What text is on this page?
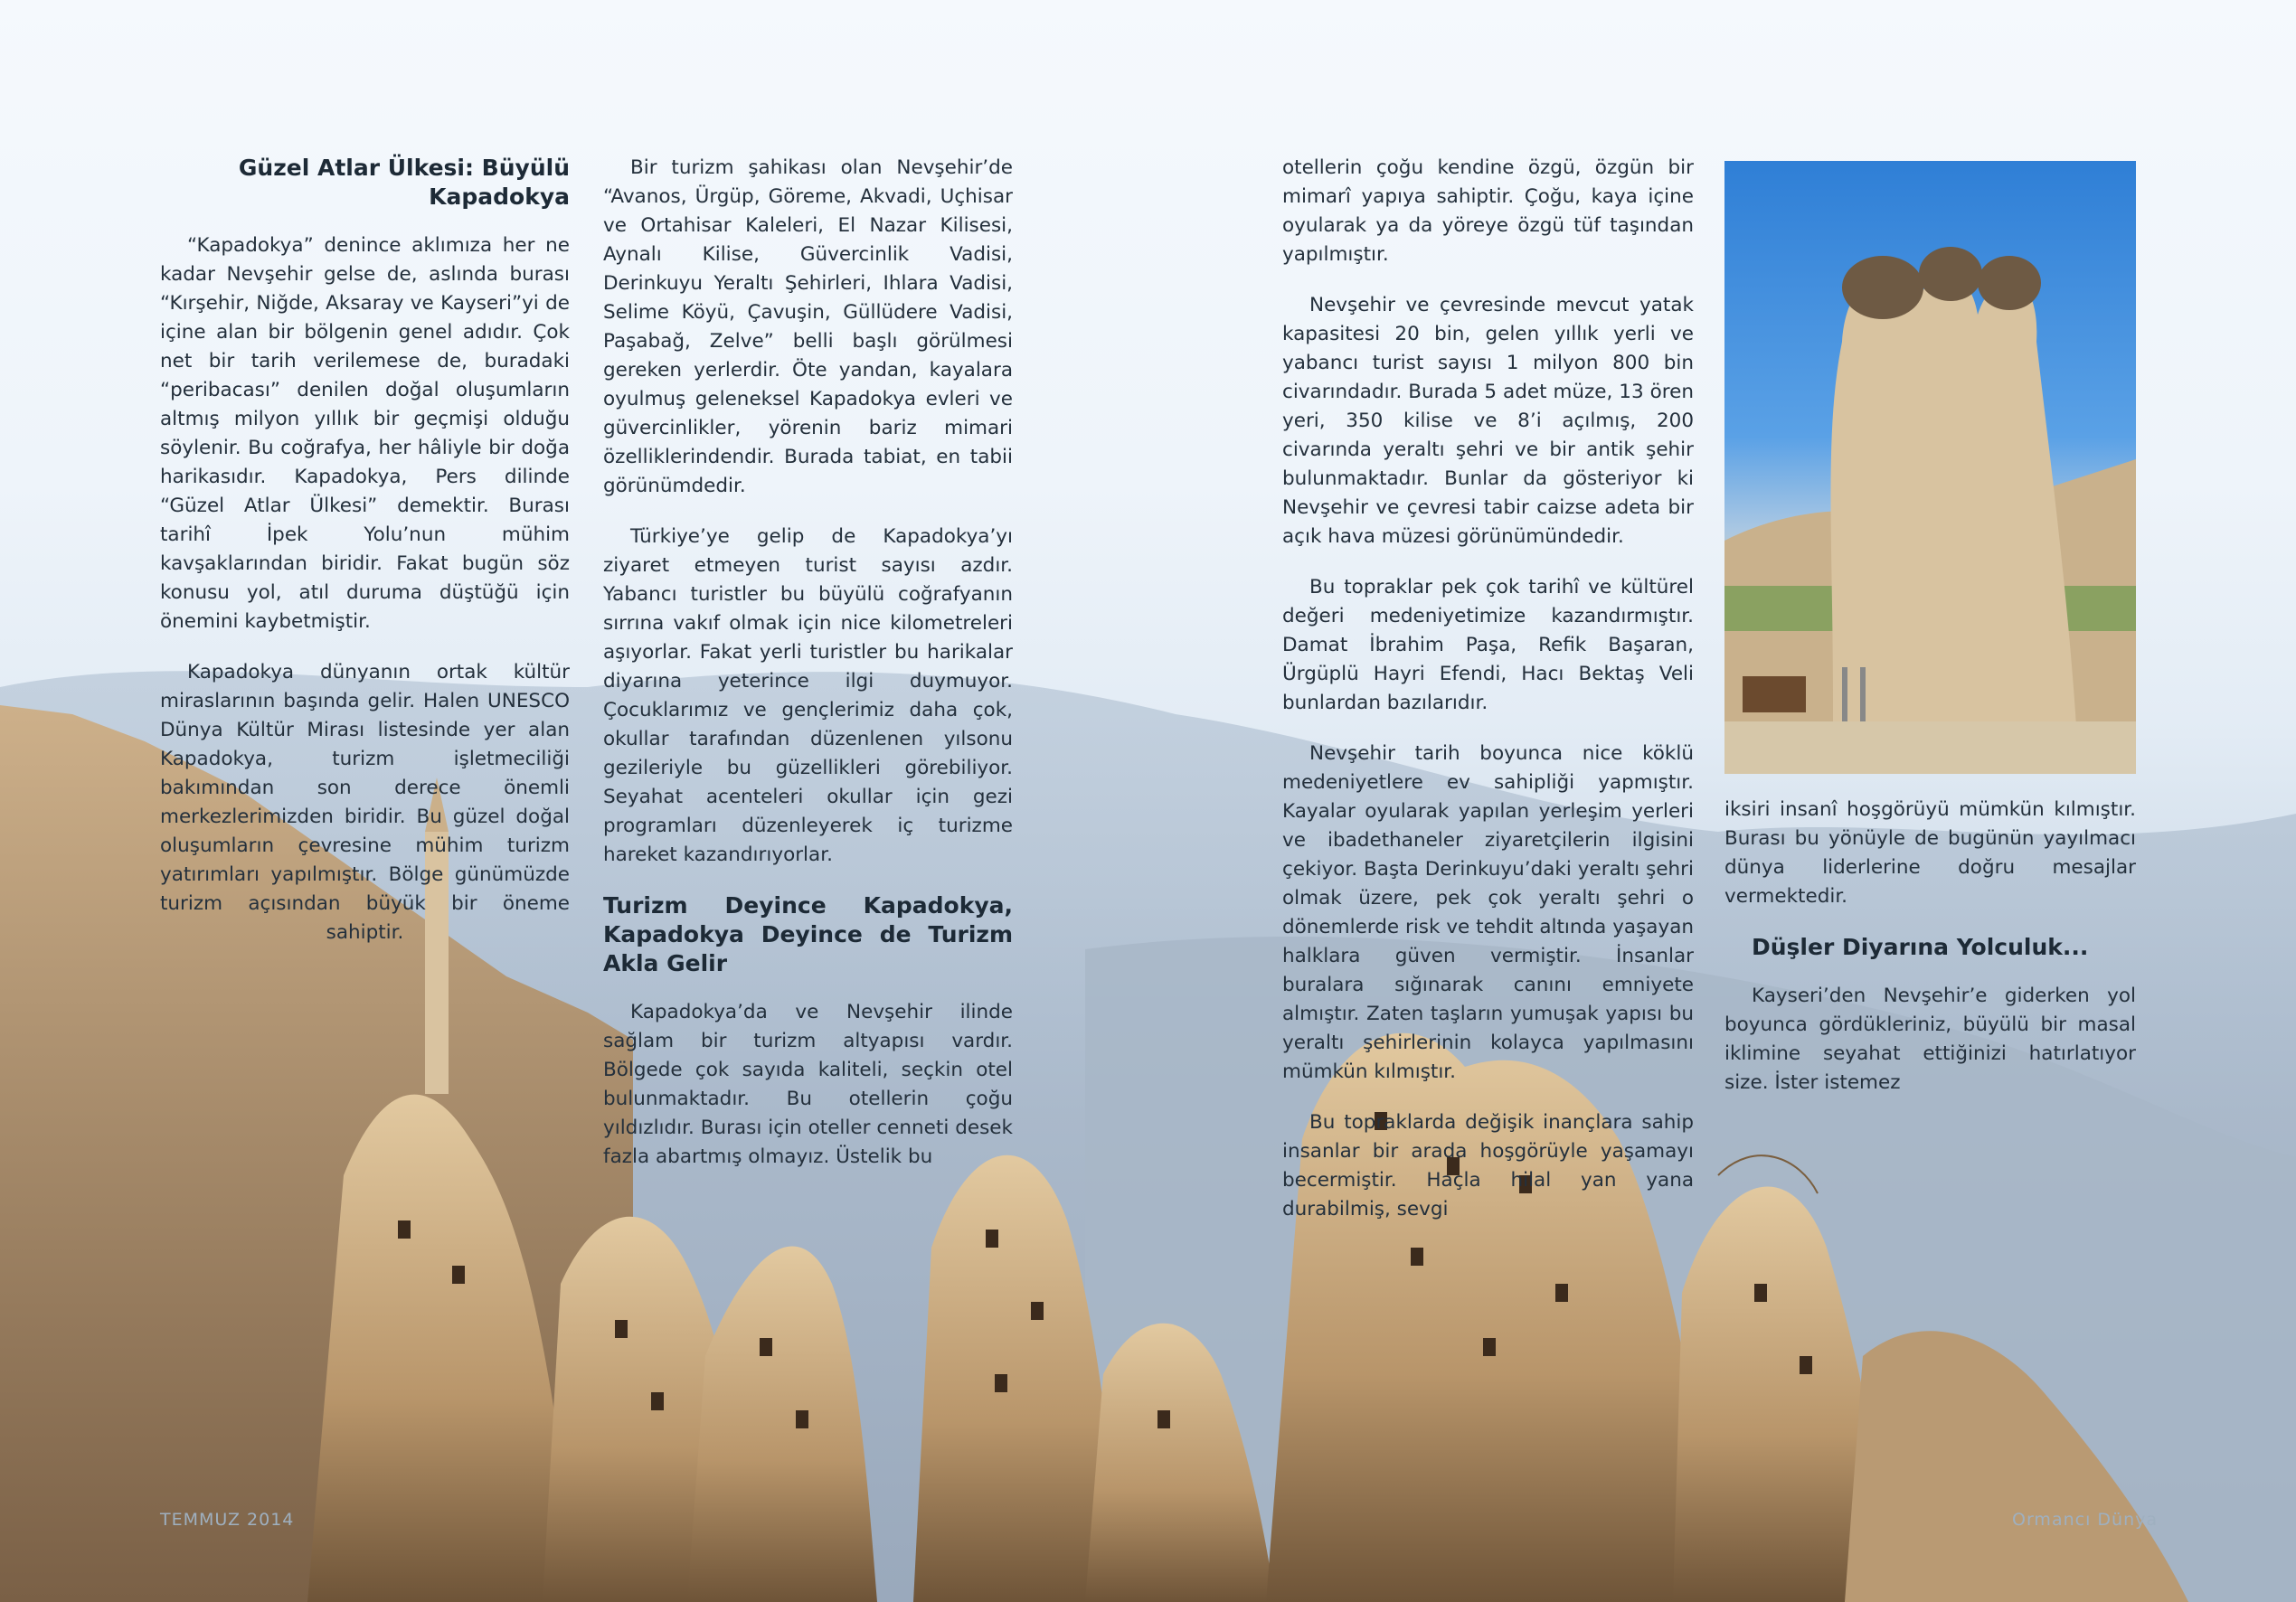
Güzel Atlar Ülkesi: Büyülü Kapadokya

“Kapadokya” denince aklımıza her ne kadar Nevşehir gelse de, aslında burası “Kırşehir, Niğde, Aksaray ve Kayseri”yi de içine alan bir bölgenin genel adıdır. Çok net bir tarih verilemese de, buradaki “peribacası” denilen doğal oluşumların altmış milyon yıllık bir geçmişi olduğu söylenir. Bu coğrafya, her hâliyle bir doğa harikasıdır. Kapadokya, Pers dilinde “Güzel Atlar Ülkesi” demektir. Burası tarihî İpek Yolu’nun mühim kavşaklarından biridir. Fakat bugün söz konusu yol, atıl duruma düştüğü için önemini kaybetmiştir.

Kapadokya dünyanın ortak kültür miraslarının başında gelir. Halen UNESCO Dünya Kültür Mirası listesinde yer alan Kapadokya, turizm işletmeciliği bakımından son derece önemli merkezlerimizden biridir. Bu güzel doğal oluşumların çevresine mühim turizm yatırımları yapılmıştır. Bölge günümüzde turizm açısından büyük bir öneme sahiptir.

Bir turizm şahikası olan Nevşehir’de “Avanos, Ürgüp, Göreme, Akvadi, Uçhisar ve Ortahisar Kaleleri, El Nazar Kilisesi, Aynalı Kilise, Güvercinlik Vadisi, Derinkuyu Yeraltı Şehirleri, Ihlara Vadisi, Selime Köyü, Çavuşin, Güllüdere Vadisi, Paşabağ, Zelve” belli başlı görülmesi gereken yerlerdir. Öte yandan, kayalara oyulmuş geleneksel Kapadokya evleri ve güvercinlikler, yörenin bariz mimari özelliklerindendir. Burada tabiat, en tabii görünümdedir.

Türkiye’ye gelip de Kapadokya’yı ziyaret etmeyen turist sayısı azdır. Yabancı turistler bu büyülü coğrafyanın sırrına vakıf olmak için nice kilometreleri aşıyorlar. Fakat yerli turistler bu harikalar diyarına yeterince ilgi duymuyor. Çocuklarımız ve gençlerimiz daha çok, okullar tarafından düzenlenen yılsonu gezileriyle bu güzellikleri görebiliyor. Seyahat acenteleri okullar için gezi programları düzenleyerek iç turizme hareket kazandırıyorlar.

Turizm Deyince Kapadokya, Kapadokya Deyince de Turizm Akla Gelir

Kapadokya’da ve Nevşehir ilinde sağlam bir turizm altyapısı vardır. Bölgede çok sayıda kaliteli, seçkin otel bulunmaktadır. Bu otellerin çoğu yıldızlıdır. Burası için oteller cenneti desek fazla abartmış olmayız. Üstelik bu

otellerin çoğu kendine özgü, özgün bir mimarî yapıya sahiptir. Çoğu, kaya içine oyularak ya da yöreye özgü tüf taşından yapılmıştır.

Nevşehir ve çevresinde mevcut yatak kapasitesi 20 bin, gelen yıllık yerli ve yabancı turist sayısı 1 milyon 800 bin civarındadır. Burada 5 adet müze, 13 ören yeri, 350 kilise ve 8’i açılmış, 200 civarında yeraltı şehri ve bir antik şehir bulunmaktadır. Bunlar da gösteriyor ki Nevşehir ve çevresi tabir caizse adeta bir açık hava müzesi görünümündedir.

Bu topraklar pek çok tarihî ve kültürel değeri medeniyetimize kazandırmıştır. Damat İbrahim Paşa, Refik Başaran, Ürgüplü Hayri Efendi, Hacı Bektaş Veli bunlardan bazılarıdır.

Nevşehir tarih boyunca nice köklü medeniyetlere ev sahipliği yapmıştır. Kayalar oyularak yapılan yerleşim yerleri ve ibadethaneler ziyaretçilerin ilgisini çekiyor. Başta Derinkuyu’daki yeraltı şehri olmak üzere, pek çok yeraltı şehri o dönemlerde risk ve tehdit altında yaşayan halklara güven vermiştir. İnsanlar buralara sığınarak canını emniyete almıştır. Zaten taşların yumuşak yapısı bu yeraltı şehirlerinin kolayca yapılmasını mümkün kılmıştır.

Bu topraklarda değişik inançlara sahip insanlar bir arada hoşgörüyle yaşamayı becermiştir. Haçla hilal yan yana durabilmiş, sevgi

iksiri insanî hoşgörüyü mümkün kılmıştır. Burası bu yönüyle de bugünün yayılmacı dünya liderlerine doğru mesajlar vermektedir.

Düşler Diyarına Yolculuk...

Kayseri’den Nevşehir’e giderken yol boyunca gördükleriniz, büyülü bir masal iklimine seyahat ettiğinizi hatırlatıyor size. İster istemez

TEMMUZ 2014	Ormancı Dünya
